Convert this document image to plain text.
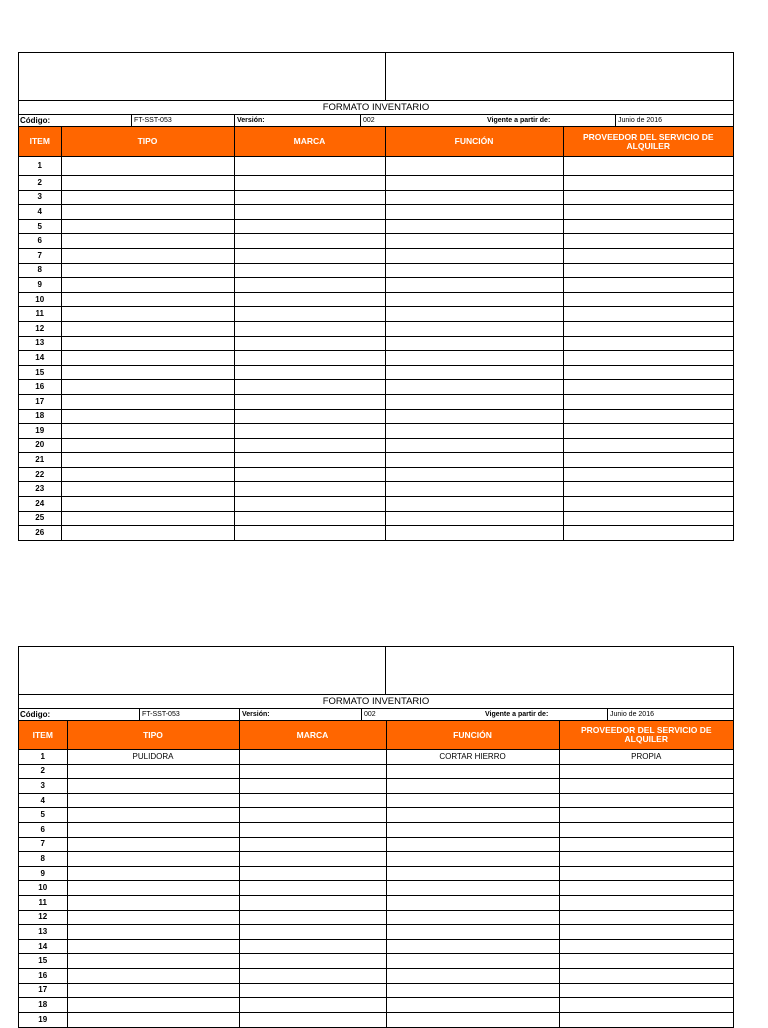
FORMATO INVENTARIO
Código:	FT-SST-053	Versión:	002	Vigente a partir de:	Junio de 2016
ITEM	TIPO	MARCA	FUNCIÓN	PROVEEDOR DEL SERVICIO DE ALQUILER
1				
2				
3				
4				
5				
6				
7				
8				
9				
10				
11				
12				
13				
14				
15				
16				
17				
18				
19				
20				
21				
22				
23				
24				
25				
26				
FORMATO INVENTARIO
Código:	FT-SST-053	Versión:	002	Vigente a partir de:	Junio de 2016
ITEM	TIPO	MARCA	FUNCIÓN	PROVEEDOR DEL SERVICIO DE ALQUILER
1	PULIDORA		CORTAR HIERRO	PROPIA
2				
3				
4				
5				
6				
7				
8				
9				
10				
11				
12				
13				
14				
15				
16				
17				
18				
19				
